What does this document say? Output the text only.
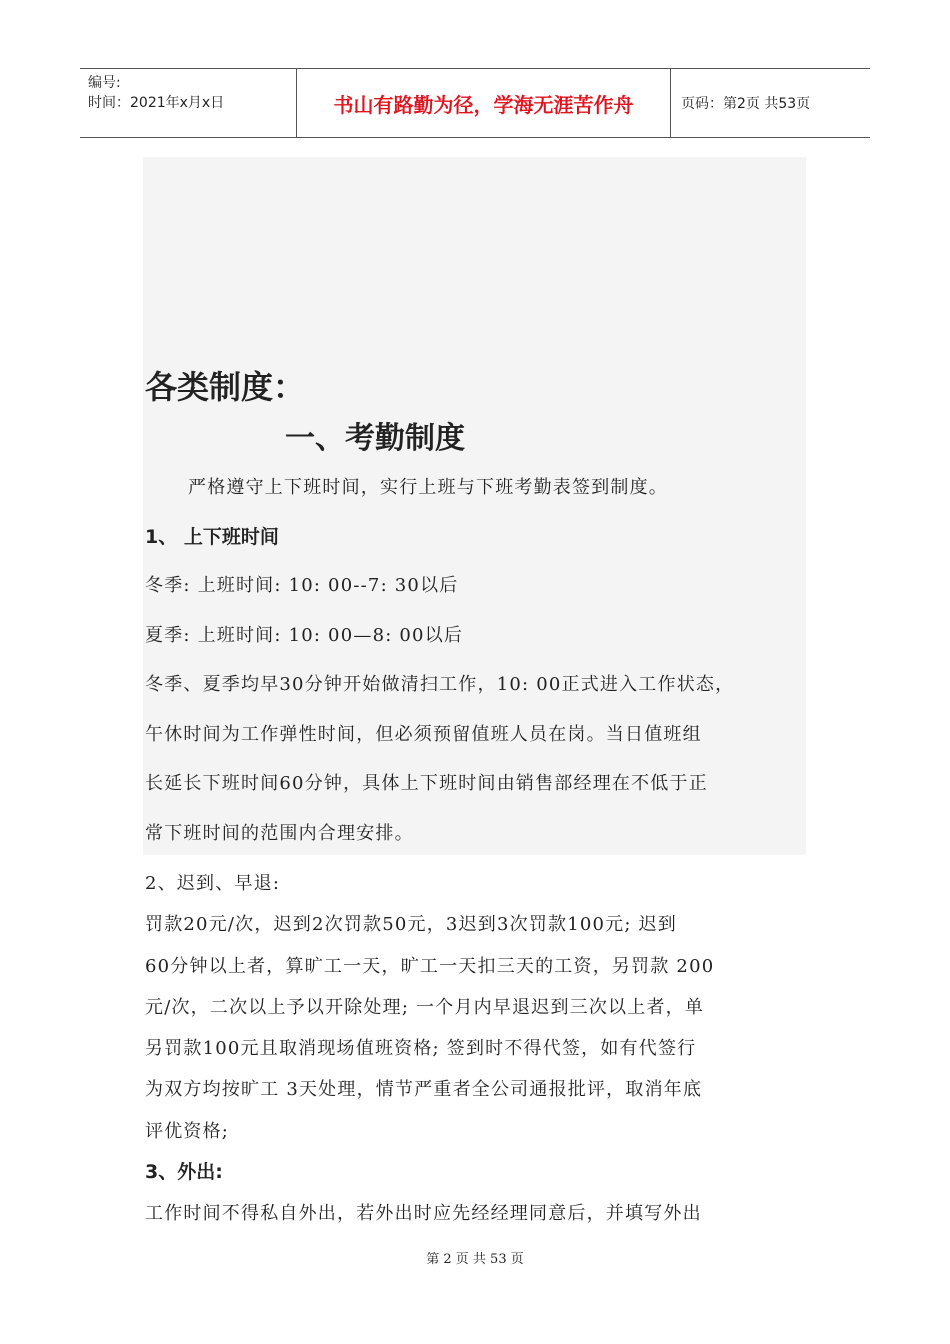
编号:
时间：2021年x月x日	书山有路勤为径，学海无涯苦作舟	页码：第2页 共53页
各类制度：
一、考勤制度
严格遵守上下班时间，实行上班与下班考勤表签到制度。
1、 上下班时间
冬季: 上班时间: 10: 00--7: 30以后
夏季: 上班时间: 10: 00—8: 00以后
冬季、夏季均早30分钟开始做清扫工作，10: 00正式进入工作状态，
午休时间为工作弹性时间，但必须预留值班人员在岗。当日值班组
长延长下班时间60分钟，具体上下班时间由销售部经理在不低于正
常下班时间的范围内合理安排。
2、迟到、早退:
罚款20元/次，迟到2次罚款50元，3迟到3次罚款100元; 迟到
60分钟以上者，算旷工一天，旷工一天扣三天的工资，另罚款 200
元/次，二次以上予以开除处理; 一个月内早退迟到三次以上者，单
另罚款100元且取消现场值班资格; 签到时不得代签，如有代签行
为双方均按旷工 3天处理，情节严重者全公司通报批评，取消年底
评优资格;
3、外出:
工作时间不得私自外出，若外出时应先经经理同意后，并填写外出
第 2 页 共 53 页
